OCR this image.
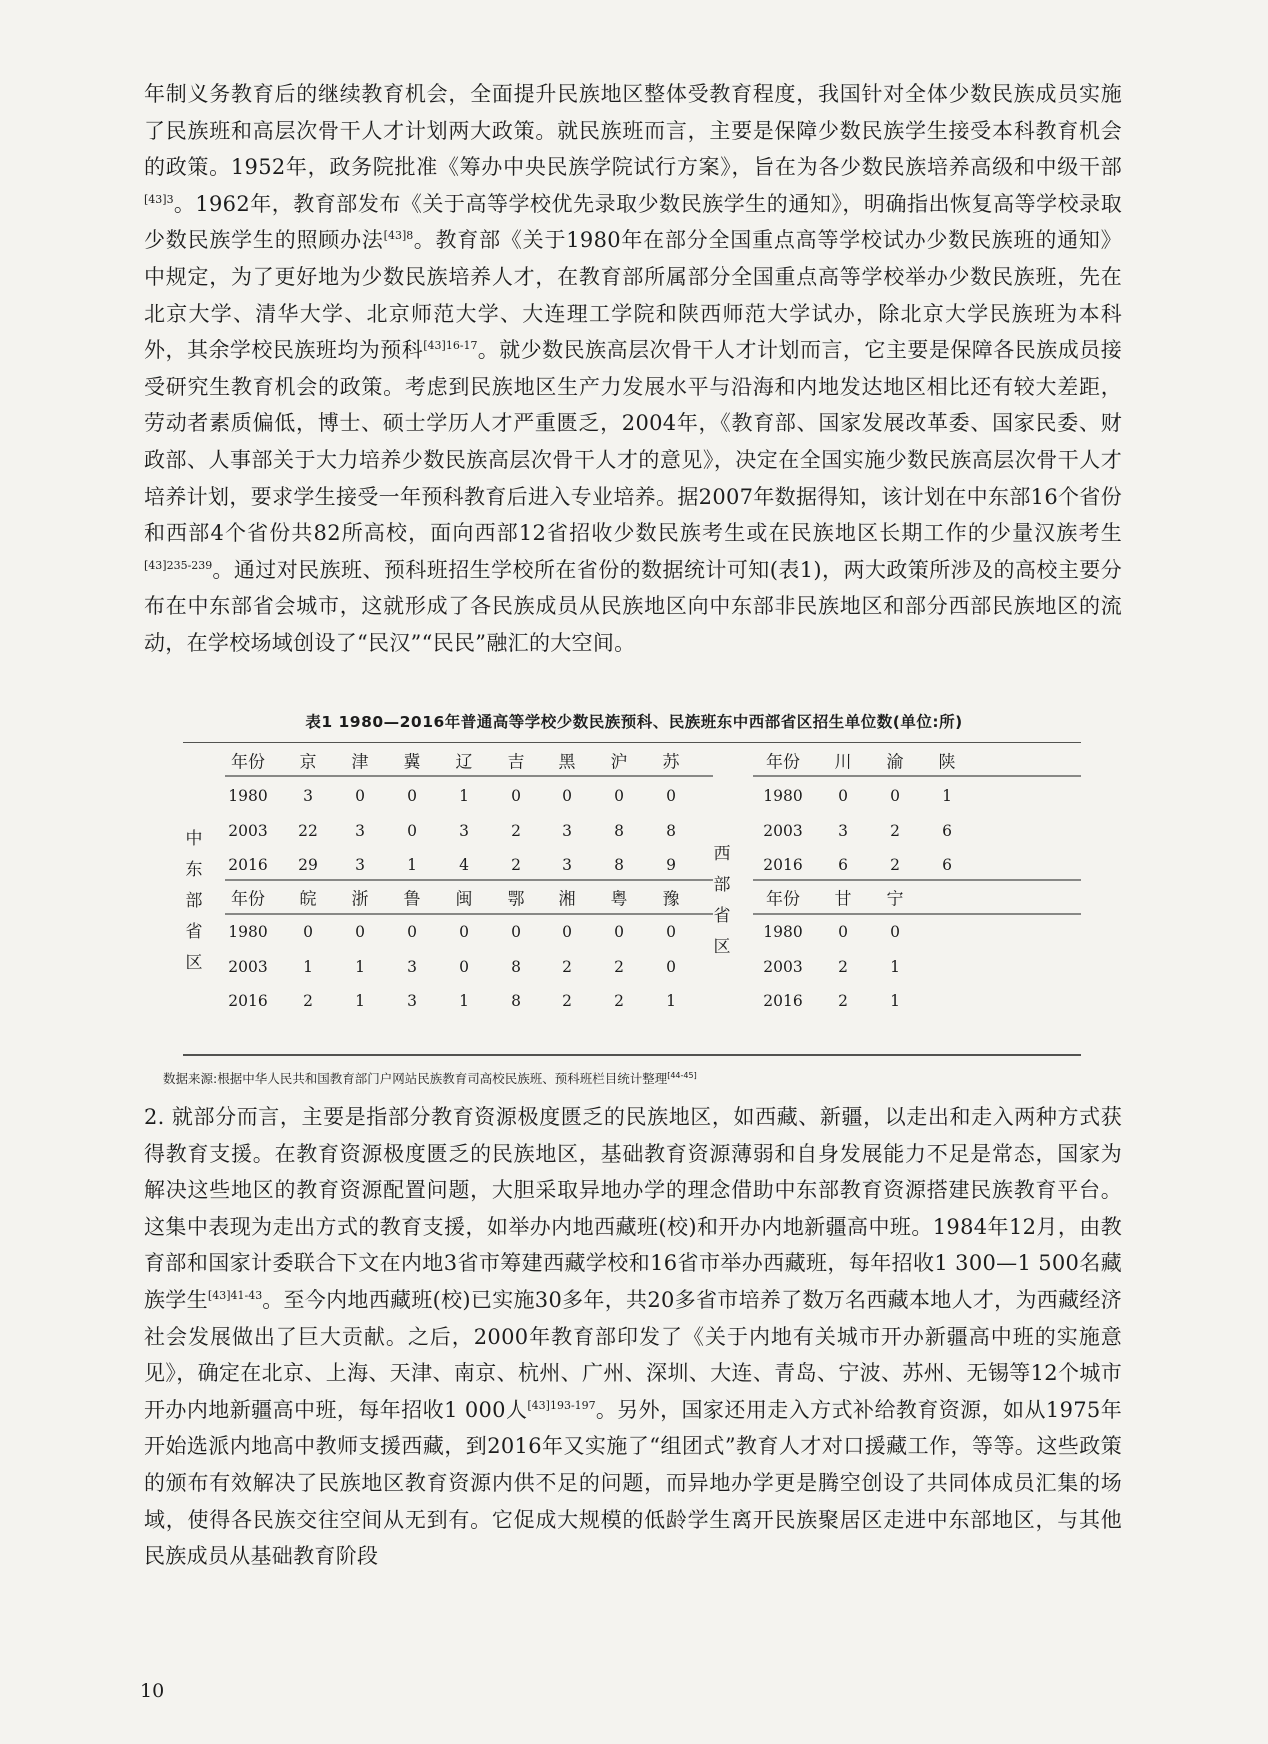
年制义务教育后的继续教育机会，全面提升民族地区整体受教育程度，我国针对全体少数民族成员实施了民族班和高层次骨干人才计划两大政策。就民族班而言，主要是保障少数民族学生接受本科教育机会的政策。1952年，政务院批准《筹办中央民族学院试行方案》，旨在为各少数民族培养高级和中级干部$^{[43]3}$。1962年，教育部发布《关于高等学校优先录取少数民族学生的通知》，明确指出恢复高等学校录取少数民族学生的照顾办法$^{[43]8}$。教育部《关于1980年在部分全国重点高等学校试办少数民族班的通知》中规定，为了更好地为少数民族培养人才，在教育部所属部分全国重点高等学校举办少数民族班，先在北京大学、清华大学、北京师范大学、大连理工学院和陕西师范大学试办，除北京大学民族班为本科外，其余学校民族班均为预科$^{[43]16-17}$。就少数民族高层次骨干人才计划而言，它主要是保障各民族成员接受研究生教育机会的政策。考虑到民族地区生产力发展水平与沿海和内地发达地区相比还有较大差距，劳动者素质偏低，博士、硕士学历人才严重匮乏，2004年，《教育部、国家发展改革委、国家民委、财政部、人事部关于大力培养少数民族高层次骨干人才的意见》，决定在全国实施少数民族高层次骨干人才培养计划，要求学生接受一年预科教育后进入专业培养。据2007年数据得知，该计划在中东部16个省份和西部4个省份共82所高校，面向西部12省招收少数民族考生或在民族地区长期工作的少量汉族考生$^{[43]235-239}$。通过对民族班、预科班招生学校所在省份的数据统计可知(表1)，两大政策所涉及的高校主要分布在中东部省会城市，这就形成了各民族成员从民族地区向中东部非民族地区和部分西部民族地区的流动，在学校场域创设了“民汉”“民民”融汇的大空间。

表1 1980—2016年普通高等学校少数民族预科、民族班东中西部省区招生单位数(单位:所)
年份 京 津 冀 辽 吉 黑 沪 苏
1980 3	0	0	1	0	0	0	0
2003 22 3	0	3	2	3	8	8
2016 29 3	1	4	2	3	8	9
年份 皖 浙 鲁 闽 鄂 湘 粤 豫
1980 0	0	0	0	0	0	0	0
2003 1	1	3	0	8	2	2	0
2016 2	1	3	1	8	2	2	1
年份 川 渝 陕
1980 0	0	1
2003 3	2	6
2016 6	2	6
年份 甘 宁
1980 0	0
2003 2	1
2016 2	1
中
东
部
省
区
西
部
省
区
数据来源:根据中华人民共和国教育部门户网站民族教育司高校民族班、预科班栏目统计整理[44-45]

2. 就部分而言，主要是指部分教育资源极度匮乏的民族地区，如西藏、新疆，以走出和走入两种方式获得教育支援。在教育资源极度匮乏的民族地区，基础教育资源薄弱和自身发展能力不足是常态，国家为解决这些地区的教育资源配置问题，大胆采取异地办学的理念借助中东部教育资源搭建民族教育平台。这集中表现为走出方式的教育支援，如举办内地西藏班(校)和开办内地新疆高中班。1984年12月，由教育部和国家计委联合下文在内地3省市筹建西藏学校和16省市举办西藏班，每年招收1 300—1 500名藏族学生$^{[43]41-43}$。至今内地西藏班(校)已实施30多年，共20多省市培养了数万名西藏本地人才，为西藏经济社会发展做出了巨大贡献。之后，2000年教育部印发了《关于内地有关城市开办新疆高中班的实施意见》，确定在北京、上海、天津、南京、杭州、广州、深圳、大连、青岛、宁波、苏州、无锡等12个城市开办内地新疆高中班，每年招收1 000人$^{[43]193-197}$。另外，国家还用走入方式补给教育资源，如从1975年开始选派内地高中教师支援西藏，到2016年又实施了“组团式”教育人才对口援藏工作，等等。这些政策的颁布有效解决了民族地区教育资源内供不足的问题，而异地办学更是腾空创设了共同体成员汇集的场域，使得各民族交往空间从无到有。它促成大规模的低龄学生离开民族聚居区走进中东部地区，与其他民族成员从基础教育阶段

10
